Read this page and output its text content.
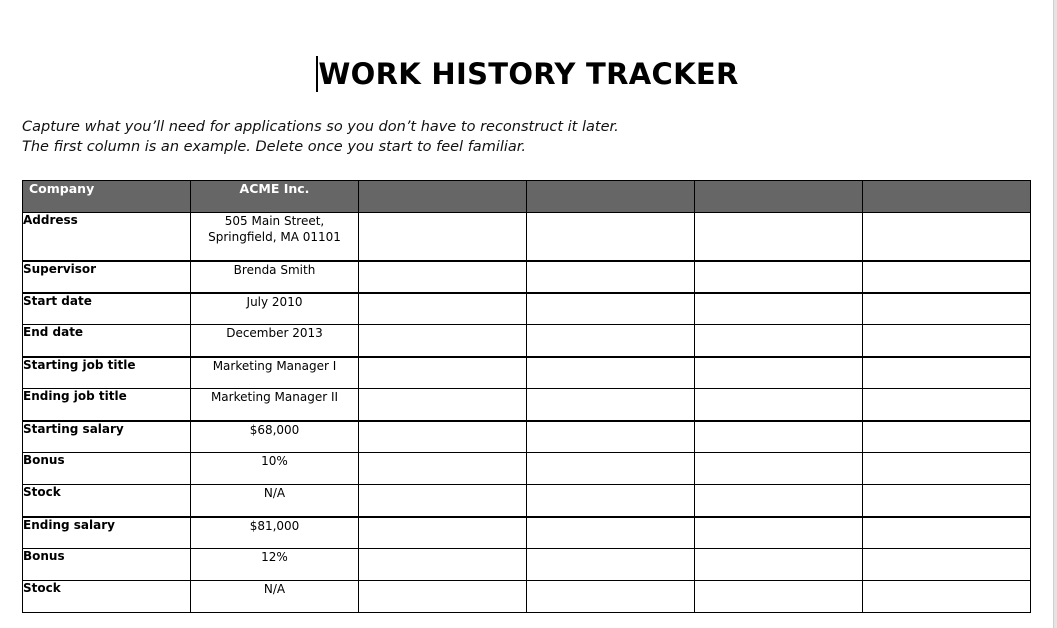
WORK HISTORY TRACKER

Capture what you’ll need for applications so you don’t have to reconstruct it later.

The first column is an example. Delete once you start to feel familiar.

Company	ACME Inc.				
Address	505 Main Street,
Springfield, MA 01101				

Supervisor	Brenda Smith				
Start date	July 2010				
End date	December 2013				
Starting job title	Marketing Manager I				
Ending job title	Marketing Manager II				
Starting salary	$68,000				
Bonus	10%				
Stock	N/A				
Ending salary	$81,000				
Bonus	12%				
Stock	N/A				
